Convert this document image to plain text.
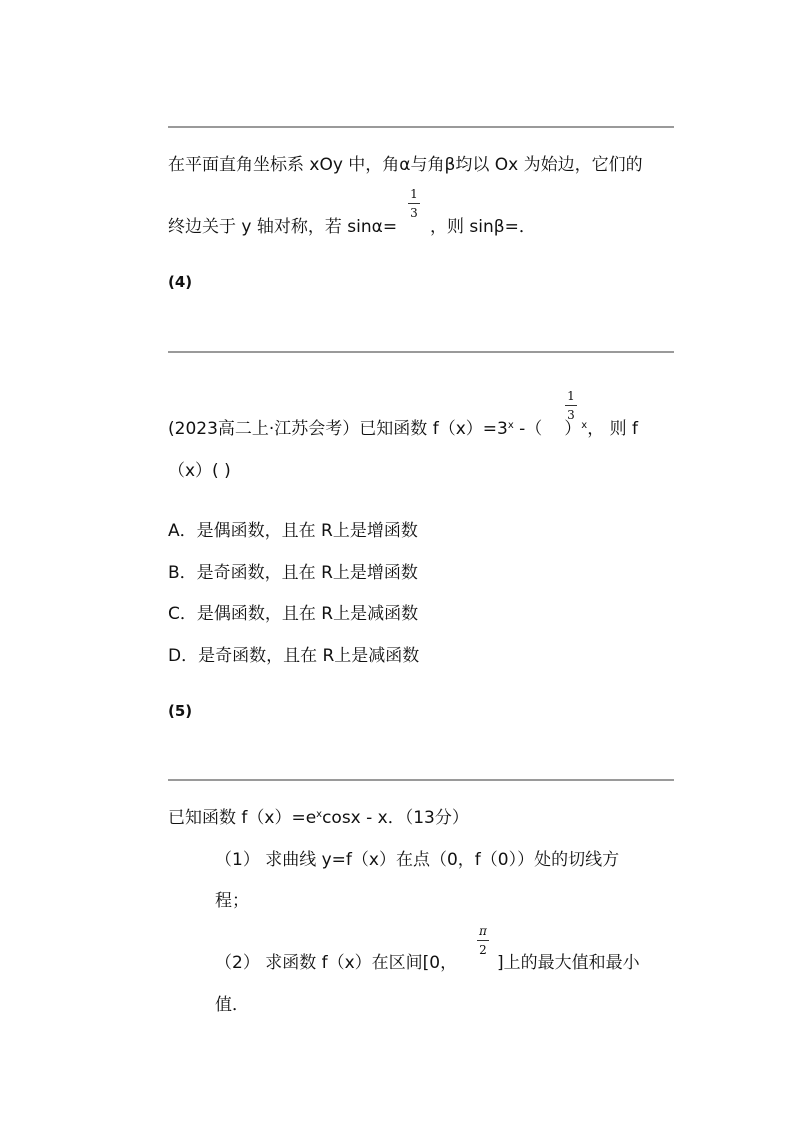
在平面直角坐标系 xOy 中，角α与角β均以 Ox 为始边，它们的
终边关于 y 轴对称，若 sinα=
1
3
，则 sinβ=．
(4)
(2023高二上·江苏会考）已知函数 $f(x)=3^x$ -（ ）$^x$， 则 f
1
3
（x）( )
A．是偶函数，且在 R上是增函数
B．是奇函数，且在 R上是增函数
C．是偶函数，且在 R上是减函数
D．是奇函数，且在 R上是减函数
(5)
已知函数 $f(x)=e^x\cos x - x$．（13分）
（1） 求曲线 y=f（x）在点（0，f（0））处的切线方
程；
（2） 求函数 f（x）在区间[0，
π
2
]上的最大值和最小
值．
